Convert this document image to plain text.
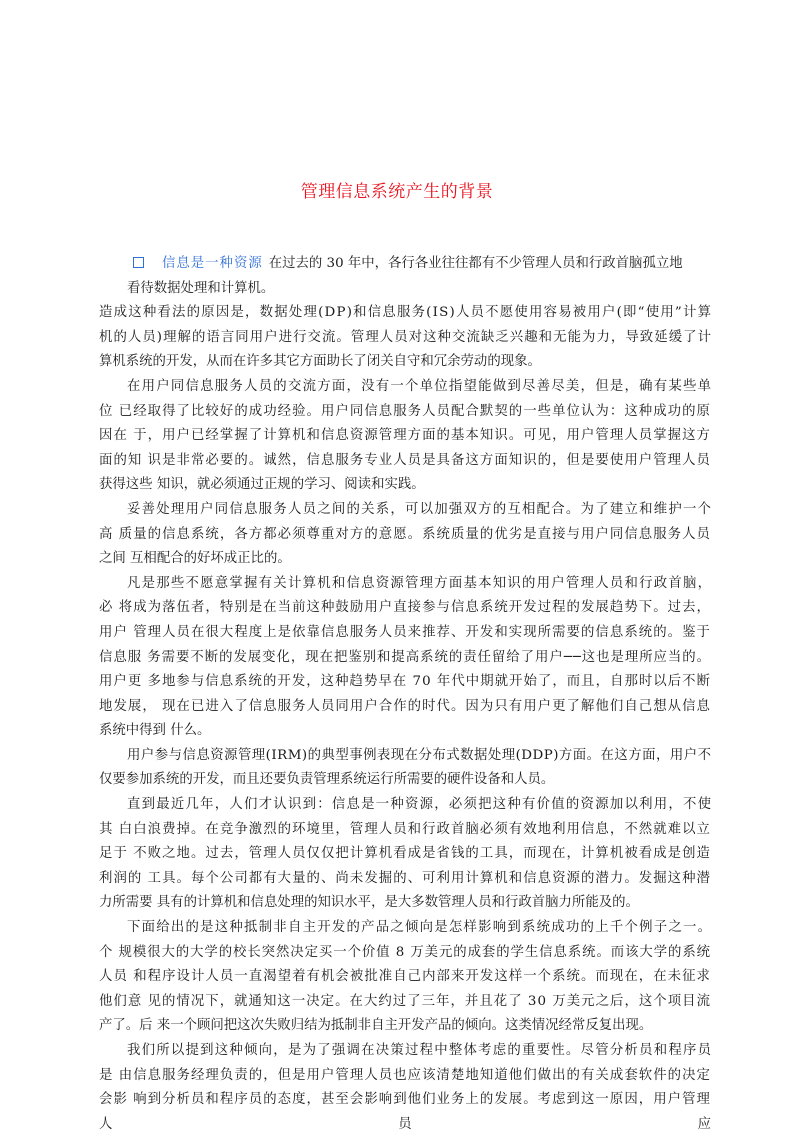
管理信息系统产生的背景
信息是一种资源 在过去的 30 年中，各行各业往往都有不少管理人员和行政首脑孤立地
看待数据处理和计算机。
造成这种看法的原因是，数据处理(DP)和信息服务(IS)人员不愿使用容易被用户(即“使用”计算
机的人员)理解的语言同用户进行交流。管理人员对这种交流缺乏兴趣和无能为力，导致延缓了计
算机系统的开发，从而在许多其它方面助长了闭关自守和冗余劳动的现象。
在用户同信息服务人员的交流方面，没有一个单位指望能做到尽善尽美，但是，确有某些单
位 已经取得了比较好的成功经验。用户同信息服务人员配合默契的一些单位认为：这种成功的原
因在 于，用户已经掌握了计算机和信息资源管理方面的基本知识。可见，用户管理人员掌握这方
面的知 识是非常必要的。诚然，信息服务专业人员是具备这方面知识的，但是要使用户管理人员
获得这些 知识，就必须通过正规的学习、阅读和实践。
妥善处理用户同信息服务人员之间的关系，可以加强双方的互相配合。为了建立和维护一个
高 质量的信息系统，各方都必须尊重对方的意愿。系统质量的优劣是直接与用户同信息服务人员
之间 互相配合的好坏成正比的。
凡是那些不愿意掌握有关计算机和信息资源管理方面基本知识的用户管理人员和行政首脑，
必 将成为落伍者，特别是在当前这种鼓励用户直接参与信息系统开发过程的发展趋势下。过去，
用户 管理人员在很大程度上是依靠信息服务人员来推荐、开发和实现所需要的信息系统的。鉴于
信息服 务需要不断的发展变化，现在把鉴别和提高系统的责任留给了用户──这也是理所应当的。
用户更 多地参与信息系统的开发，这种趋势早在 70 年代中期就开始了，而且，自那时以后不断
地发展， 现在已进入了信息服务人员同用户合作的时代。因为只有用户更了解他们自己想从信息
系统中得到 什么。
用户参与信息资源管理(IRM)的典型事例表现在分布式数据处理(DDP)方面。在这方面，用户不
仅要参加系统的开发，而且还要负责管理系统运行所需要的硬件设备和人员。
直到最近几年，人们才认识到：信息是一种资源，必须把这种有价值的资源加以利用，不使
其 白白浪费掉。在竞争激烈的环境里，管理人员和行政首脑必须有效地利用信息，不然就难以立
足于 不败之地。过去，管理人员仅仅把计算机看成是省钱的工具，而现在，计算机被看成是创造
利润的 工具。每个公司都有大量的、尚未发掘的、可利用计算机和信息资源的潜力。发掘这种潜
力所需要 具有的计算机和信息处理的知识水平，是大多数管理人员和行政首脑力所能及的。
下面给出的是这种抵制非自主开发的产品之倾向是怎样影响到系统成功的上千个例子之一。
个 规模很大的大学的校长突然决定买一个价值 8 万美元的成套的学生信息系统。而该大学的系统
人员 和程序设计人员一直渴望着有机会被批准自己内部来开发这样一个系统。而现在，在未征求
他们意 见的情况下，就通知这一决定。在大约过了三年，并且花了 30 万美元之后，这个项目流
产了。后 来一个顾问把这次失败归结为抵制非自主开发产品的倾向。这类情况经常反复出现。
我们所以提到这种倾向，是为了强调在决策过程中整体考虑的重要性。尽管分析员和程序员
是 由信息服务经理负责的，但是用户管理人员也应该清楚地知道他们做出的有关成套软件的决定
会影 响到分析员和程序员的态度，甚至会影响到他们业务上的发展。考虑到这一原因，用户管理
人	员	应
